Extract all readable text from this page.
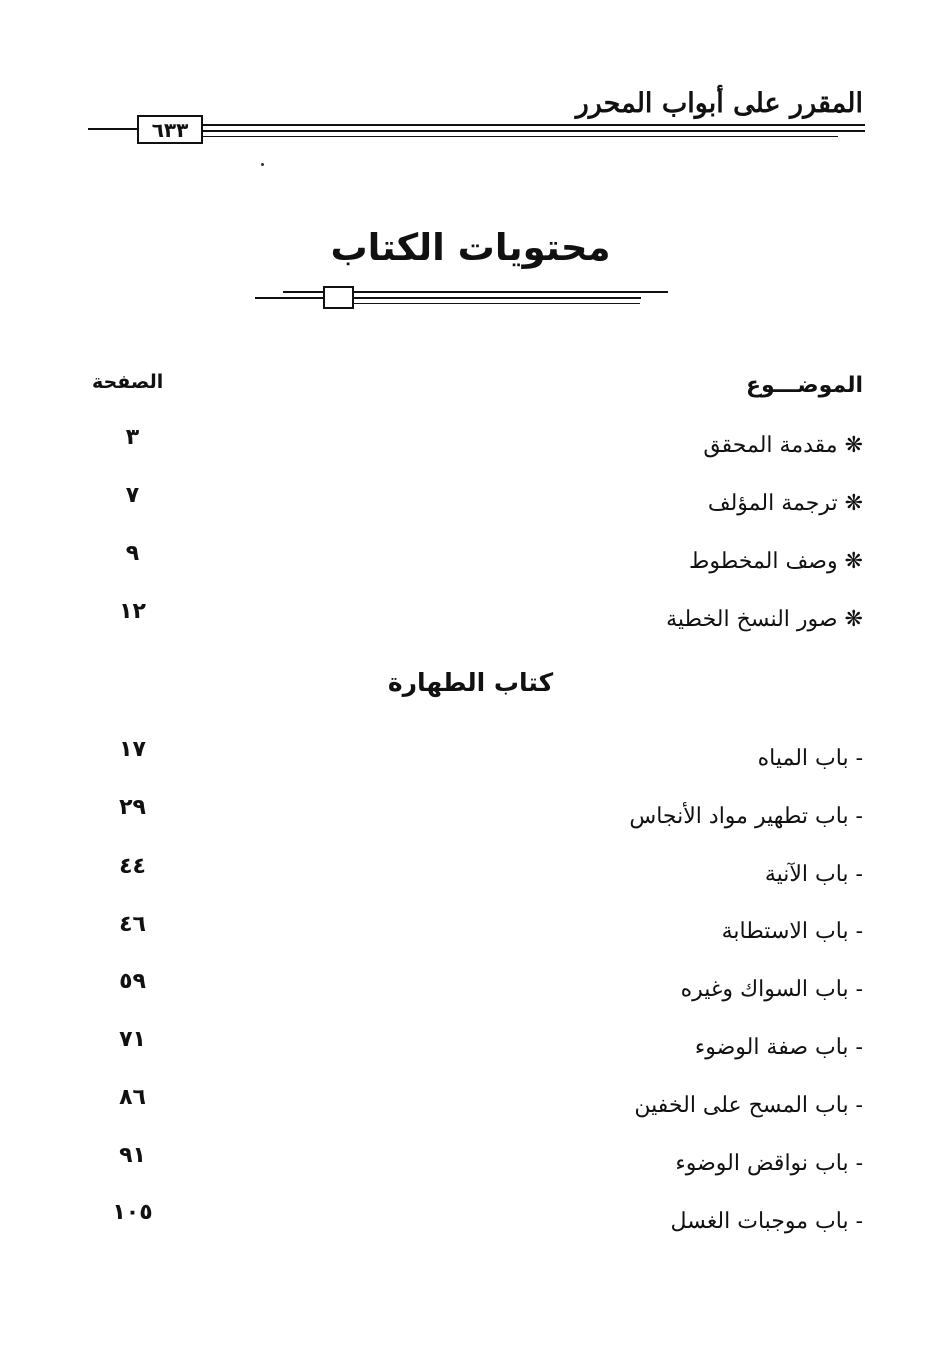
المقرر على أبواب المحرر
٦٣٣
محتويات الكتاب
الموضـــوع
الصفحة
❋ مقدمة المحقق
٣
❋ ترجمة المؤلف
٧
❋ وصف المخطوط
٩
❋ صور النسخ الخطية
١٢
كتاب الطهارة
- باب المياه
١٧
- باب تطهير مواد الأنجاس
٢٩
- باب الآنية
٤٤
- باب الاستطابة
٤٦
- باب السواك وغيره
٥٩
- باب صفة الوضوء
٧١
- باب المسح على الخفين
٨٦
- باب نواقض الوضوء
٩١
- باب موجبات الغسل
١٠٥
